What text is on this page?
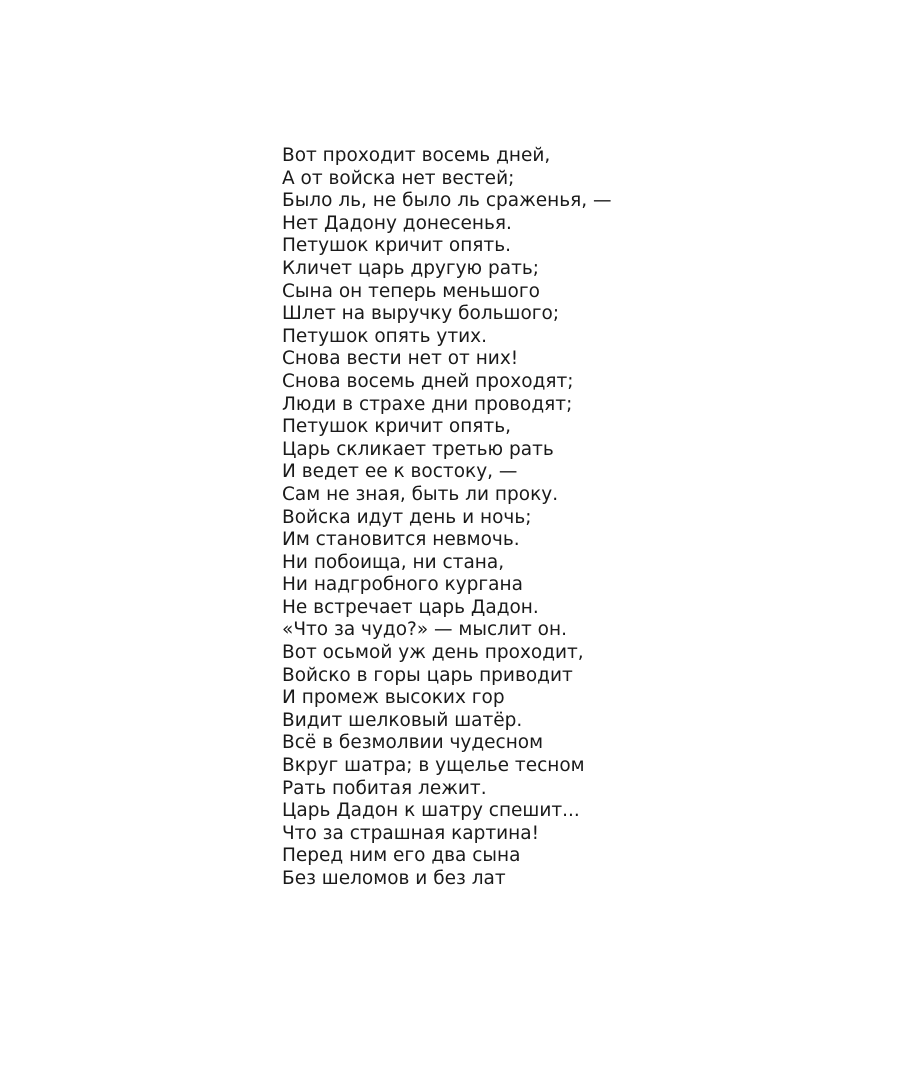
Вот проходит восемь дней,
А от войска нет вестей;
Было ль, не было ль сраженья, —
Нет Дадону донесенья.
Петушок кричит опять.
Кличет царь другую рать;
Сына он теперь меньшого
Шлет на выручку большого;
Петушок опять утих.
Снова вести нет от них!
Снова восемь дней проходят;
Люди в страхе дни проводят;
Петушок кричит опять,
Царь скликает третью рать
И ведет ее к востоку, —
Сам не зная, быть ли проку.
Войска идут день и ночь;
Им становится невмочь.
Ни побоища, ни стана,
Ни надгробного кургана
Не встречает царь Дадон.
«Что за чудо?» — мыслит он.
Вот осьмой уж день проходит,
Войско в горы царь приводит
И промеж высоких гор
Видит шелковый шатёр.
Всё в безмолвии чудесном
Вкруг шатра; в ущелье тесном
Рать побитая лежит.
Царь Дадон к шатру спешит...
Что за страшная картина!
Перед ним его два сына
Без шеломов и без лат
